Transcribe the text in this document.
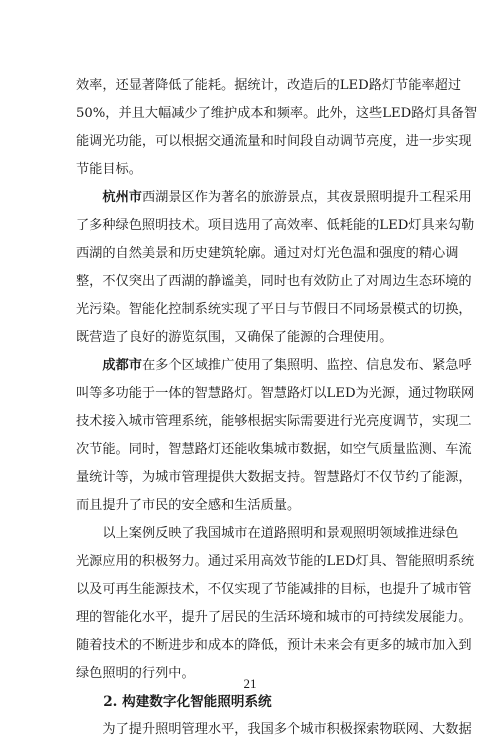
效率，还显著降低了能耗。据统计，改造后的LED路灯节能率超过
50%，并且大幅减少了维护成本和频率。此外，这些LED路灯具备智
能调光功能，可以根据交通流量和时间段自动调节亮度，进一步实现
节能目标。

杭州市西湖景区作为著名的旅游景点，其夜景照明提升工程采用
了多种绿色照明技术。项目选用了高效率、低耗能的LED灯具来勾勒
西湖的自然美景和历史建筑轮廓。通过对灯光色温和强度的精心调
整，不仅突出了西湖的静谧美，同时也有效防止了对周边生态环境的
光污染。智能化控制系统实现了平日与节假日不同场景模式的切换，
既营造了良好的游览氛围，又确保了能源的合理使用。

成都市在多个区域推广使用了集照明、监控、信息发布、紧急呼
叫等多功能于一体的智慧路灯。智慧路灯以LED为光源，通过物联网
技术接入城市管理系统，能够根据实际需要进行光亮度调节，实现二
次节能。同时，智慧路灯还能收集城市数据，如空气质量监测、车流
量统计等，为城市管理提供大数据支持。智慧路灯不仅节约了能源，
而且提升了市民的安全感和生活质量。

以上案例反映了我国城市在道路照明和景观照明领域推进绿色
光源应用的积极努力。通过采用高效节能的LED灯具、智能照明系统
以及可再生能源技术，不仅实现了节能减排的目标，也提升了城市管
理的智能化水平，提升了居民的生活环境和城市的可持续发展能力。
随着技术的不断进步和成本的降低，预计未来会有更多的城市加入到
绿色照明的行列中。

2. 构建数字化智能照明系统

为了提升照明管理水平，我国多个城市积极探索物联网、大数据

21
